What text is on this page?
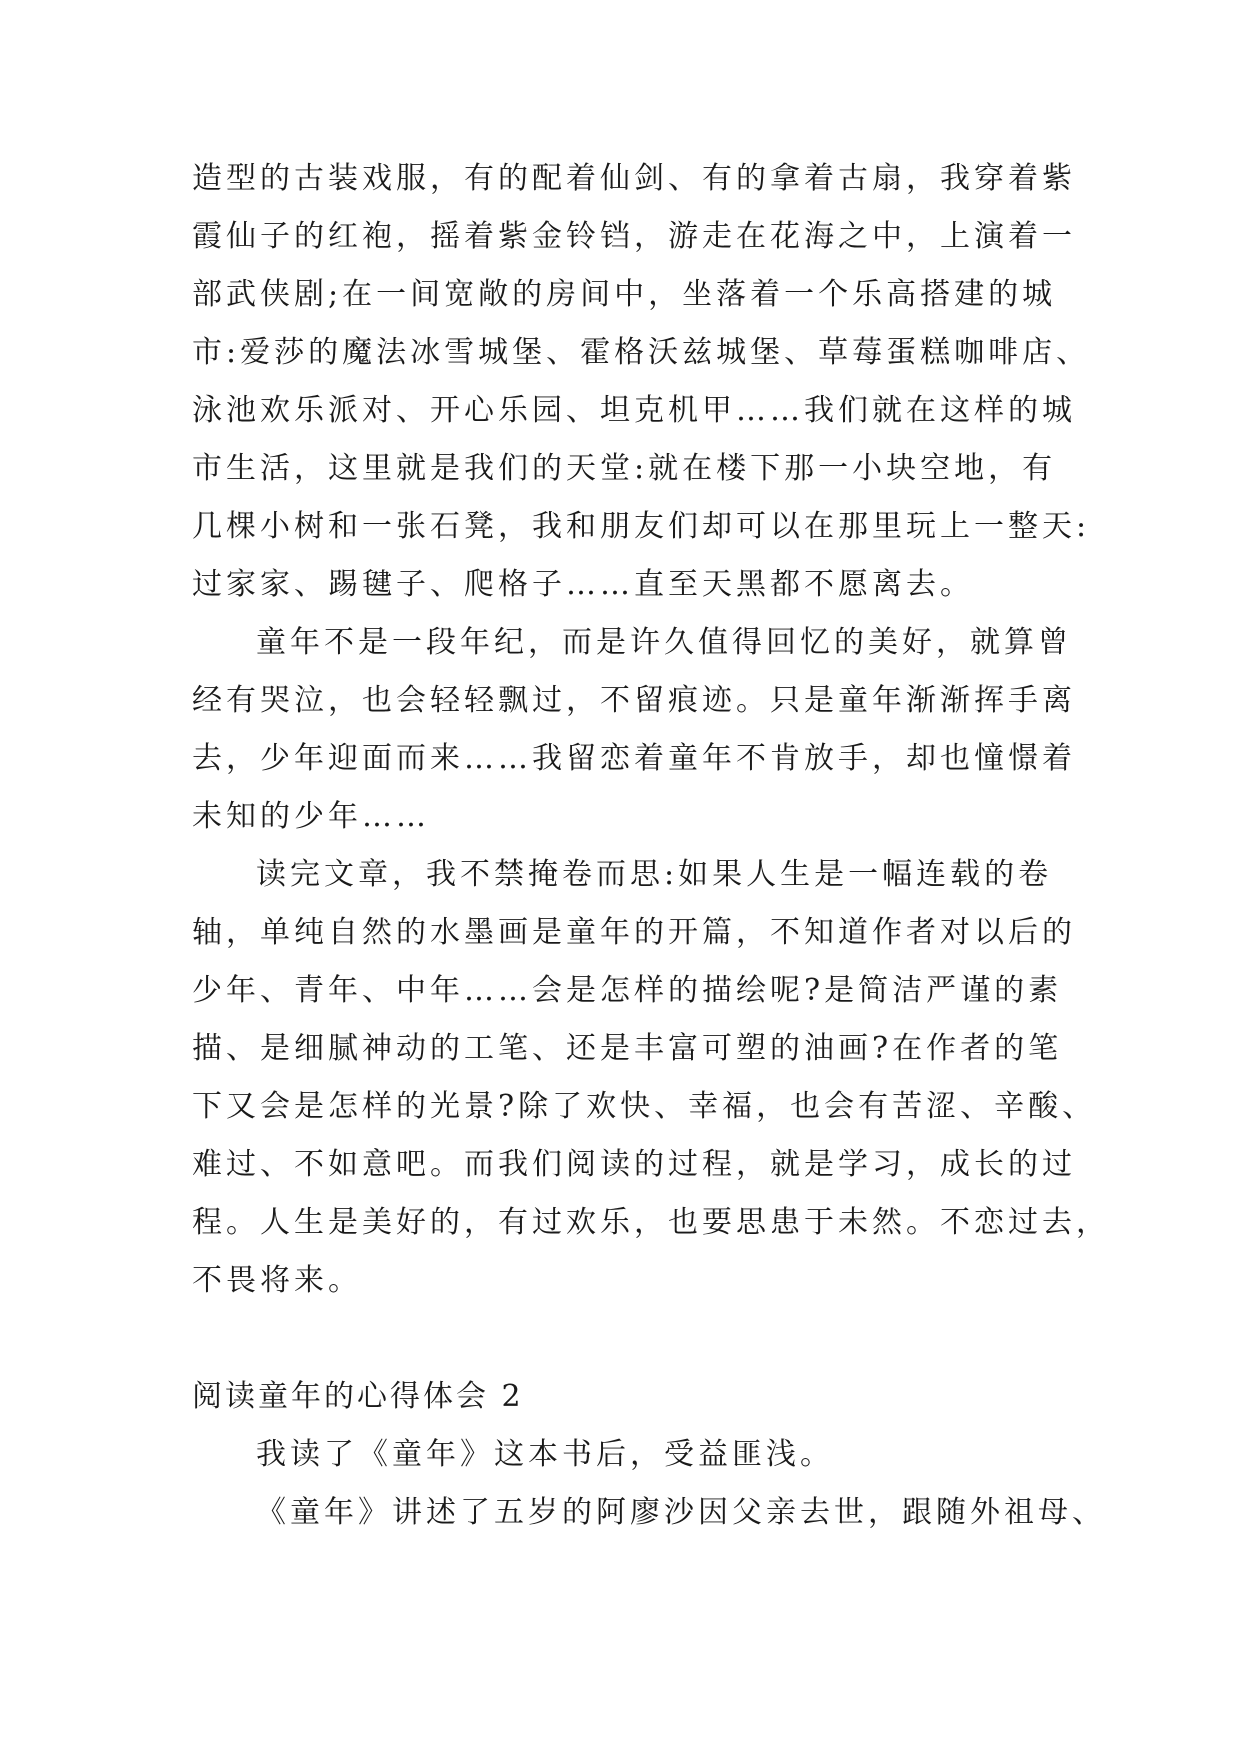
造型的古装戏服，有的配着仙剑、有的拿着古扇，我穿着紫
霞仙子的红袍，摇着紫金铃铛，游走在花海之中，上演着一
部武侠剧;在一间宽敞的房间中，坐落着一个乐高搭建的城
市:爱莎的魔法冰雪城堡、霍格沃兹城堡、草莓蛋糕咖啡店、
泳池欢乐派对、开心乐园、坦克机甲……我们就在这样的城
市生活，这里就是我们的天堂:就在楼下那一小块空地，有
几棵小树和一张石凳，我和朋友们却可以在那里玩上一整天:
过家家、踢毽子、爬格子……直至天黑都不愿离去。
童年不是一段年纪，而是许久值得回忆的美好，就算曾
经有哭泣，也会轻轻飘过，不留痕迹。只是童年渐渐挥手离
去，少年迎面而来……我留恋着童年不肯放手，却也憧憬着
未知的少年……
读完文章，我不禁掩卷而思:如果人生是一幅连载的卷
轴，单纯自然的水墨画是童年的开篇，不知道作者对以后的
少年、青年、中年……会是怎样的描绘呢?是简洁严谨的素
描、是细腻神动的工笔、还是丰富可塑的油画?在作者的笔
下又会是怎样的光景?除了欢快、幸福，也会有苦涩、辛酸、
难过、不如意吧。而我们阅读的过程，就是学习，成长的过
程。人生是美好的，有过欢乐，也要思患于未然。不恋过去，
不畏将来。
阅读童年的心得体会 2
我读了《童年》这本书后，受益匪浅。
《童年》讲述了五岁的阿廖沙因父亲去世，跟随外祖母、
